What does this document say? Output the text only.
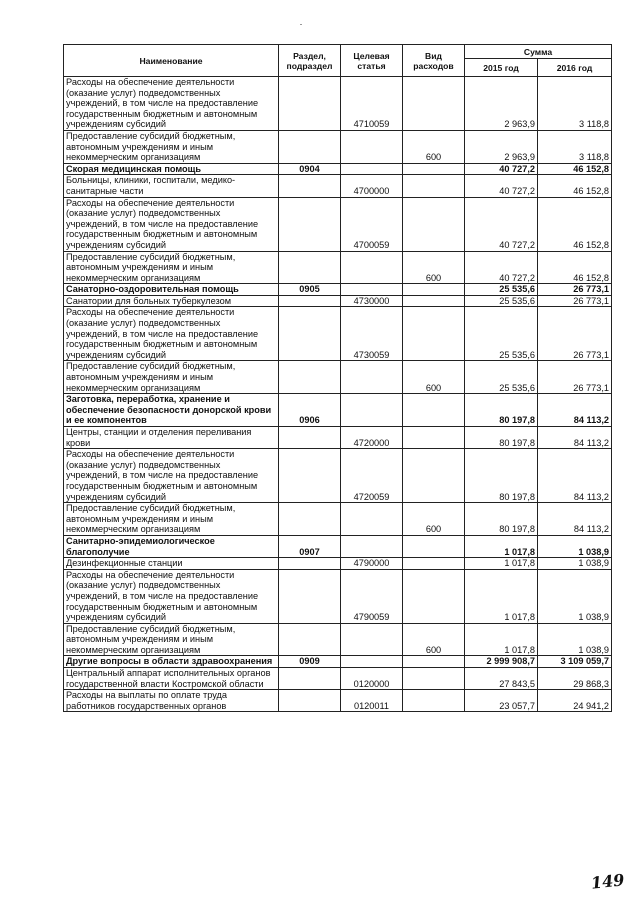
Наименование	Раздел, подраздел	Целевая статья	Вид расходов	Сумма	
				2015 год	2016 год
Расходы на обеспечение деятельности (оказание услуг) подведомственных учреждений, в том числе на предоставление государственным бюджетным и автономным учреждениям субсидий		4710059		2 963,9	3 118,8
Предоставление субсидий бюджетным, автономным учреждениям и иным некоммерческим организациям			600	2 963,9	3 118,8
Скорая медицинская помощь	0904			40 727,2	46 152,8
Больницы, клиники, госпитали, медико-санитарные части		4700000		40 727,2	46 152,8
Расходы на обеспечение деятельности (оказание услуг) подведомственных учреждений, в том числе на предоставление государственным бюджетным и автономным учреждениям субсидий		4700059		40 727,2	46 152,8
Предоставление субсидий бюджетным, автономным учреждениям и иным некоммерческим организациям			600	40 727,2	46 152,8
Санаторно-оздоровительная помощь	0905			25 535,6	26 773,1
Санатории для больных туберкулезом		4730000		25 535,6	26 773,1
Расходы на обеспечение деятельности (оказание услуг) подведомственных учреждений, в том числе на предоставление государственным бюджетным и автономным учреждениям субсидий		4730059		25 535,6	26 773,1
Предоставление субсидий бюджетным, автономным учреждениям и иным некоммерческим организациям			600	25 535,6	26 773,1
Заготовка, переработка, хранение и обеспечение безопасности донорской крови и ее компонентов	0906			80 197,8	84 113,2
Центры, станции и отделения переливания крови		4720000		80 197,8	84 113,2
Расходы на обеспечение деятельности (оказание услуг) подведомственных учреждений, в том числе на предоставление государственным бюджетным и автономным учреждениям субсидий		4720059		80 197,8	84 113,2
Предоставление субсидий бюджетным, автономным учреждениям и иным некоммерческим организациям			600	80 197,8	84 113,2
Санитарно-эпидемиологическое благополучие	0907			1 017,8	1 038,9
Дезинфекционные станции		4790000		1 017,8	1 038,9
Расходы на обеспечение деятельности (оказание услуг) подведомственных учреждений, в том числе на предоставление государственным бюджетным и автономным учреждениям субсидий		4790059		1 017,8	1 038,9
Предоставление субсидий бюджетным, автономным учреждениям и иным некоммерческим организациям			600	1 017,8	1 038,9
Другие вопросы в области здравоохранения	0909			2 999 908,7	3 109 059,7
Центральный аппарат исполнительных органов государственной власти Костромской области		0120000		27 843,5	29 868,3
Расходы на выплаты по оплате труда работников государственных органов		0120011		23 057,7	24 941,2
149
